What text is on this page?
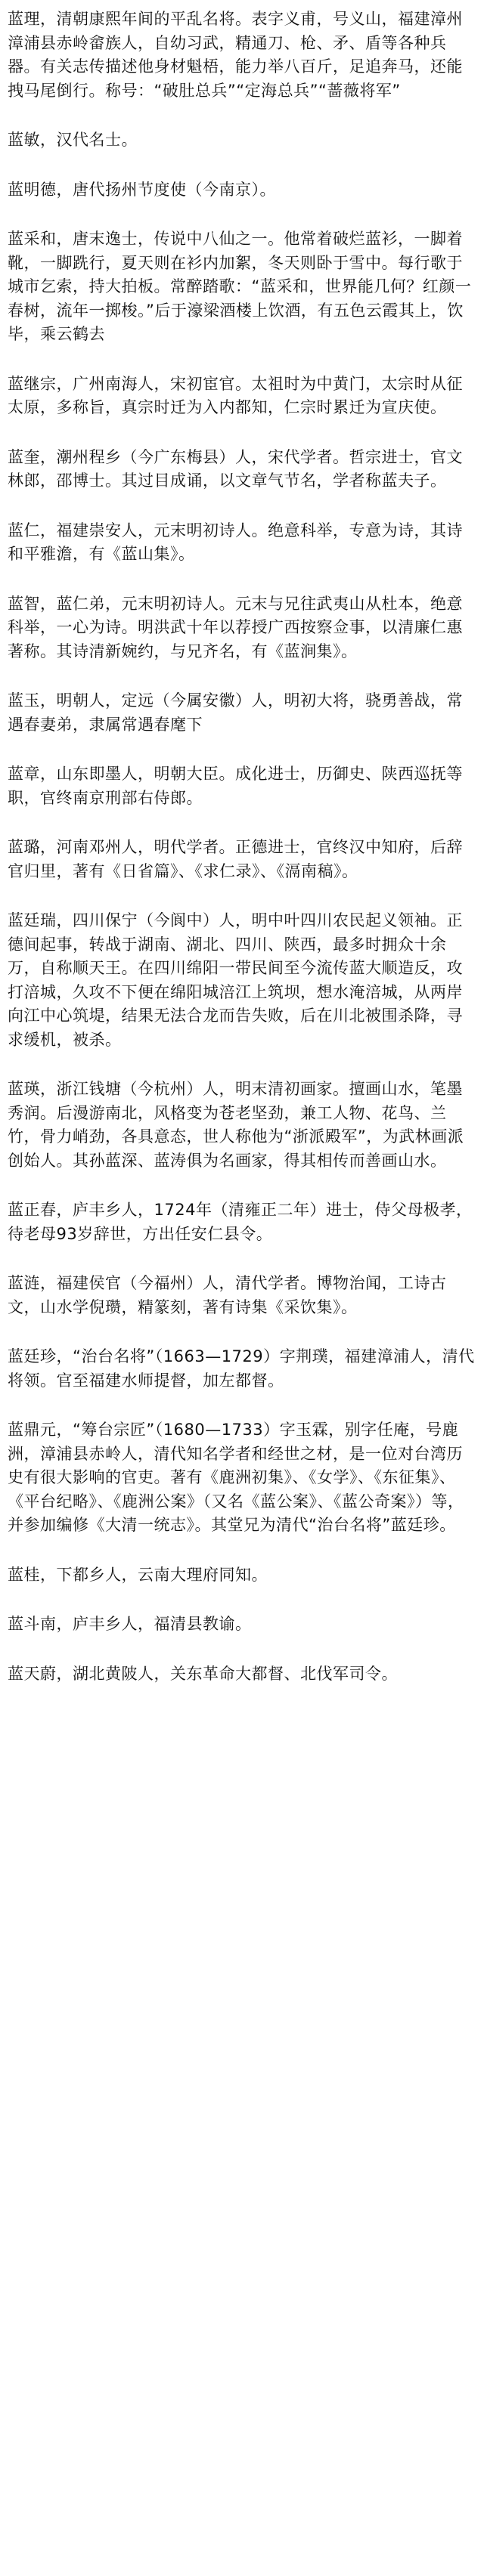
蓝理，清朝康熙年间的平乱名将。表字义甫，号义山，福建漳州漳浦县赤岭畲族人，自幼习武，精通刀、枪、矛、盾等各种兵器。有关志传描述他身材魁梧，能力举八百斤，足追奔马，还能拽马尾倒行。称号：“破肚总兵”“定海总兵”“蔷薇将军”

蓝敏，汉代名士。

蓝明德，唐代扬州节度使（今南京）。

蓝采和，唐末逸士，传说中八仙之一。他常着破烂蓝衫，一脚着靴，一脚跣行，夏天则在衫内加絮，冬天则卧于雪中。每行歌于城市乞索，持大拍板。常醉踏歌：“蓝采和，世界能几何？红颜一春树，流年一掷梭。”后于濠梁酒楼上饮酒，有五色云霞其上，饮毕，乘云鹤去

蓝继宗，广州南海人，宋初宦官。太祖时为中黄门，太宗时从征太原，多称旨，真宗时迁为入内都知，仁宗时累迁为宣庆使。

蓝奎，潮州程乡（今广东梅县）人，宋代学者。哲宗进士，官文林郎，邵博士。其过目成诵，以文章气节名，学者称蓝夫子。

蓝仁，福建崇安人，元末明初诗人。绝意科举，专意为诗，其诗和平雅澹，有《蓝山集》。

蓝智，蓝仁弟，元末明初诗人。元末与兄往武夷山从杜本，绝意科举，一心为诗。明洪武十年以荐授广西按察佥事，以清廉仁惠著称。其诗清新婉约，与兄齐名，有《蓝涧集》。

蓝玉，明朝人，定远（今属安徽）人，明初大将，骁勇善战，常遇春妻弟，隶属常遇春麾下

蓝章，山东即墨人，明朝大臣。成化进士，历御史、陕西巡抚等职，官终南京刑部右侍郎。

蓝璐，河南邓州人，明代学者。正德进士，官终汉中知府，后辞官归里，著有《日省篇》、《求仁录》、《滆南稿》。

蓝廷瑞，四川保宁（今阆中）人，明中叶四川农民起义领袖。正德间起事，转战于湖南、湖北、四川、陕西，最多时拥众十余万，自称顺天王。在四川绵阳一带民间至今流传蓝大顺造反，攻打涪城，久攻不下便在绵阳城涪江上筑坝，想水淹涪城，从两岸向江中心筑堤，结果无法合龙而告失败，后在川北被围杀降，寻求缓机，被杀。

蓝瑛，浙江钱塘（今杭州）人，明末清初画家。擅画山水，笔墨秀润。后漫游南北，风格变为苍老坚劲，兼工人物、花鸟、兰竹，骨力峭劲，各具意态，世人称他为“浙派殿军”，为武林画派创始人。其孙蓝深、蓝涛俱为名画家，得其相传而善画山水。

蓝正春，庐丰乡人，1724年（清雍正二年）进士，侍父母极孝，待老母93岁辞世，方出任安仁县令。

蓝涟，福建侯官（今福州）人，清代学者。博物治闻，工诗古文，山水学倪瓒，精篆刻，著有诗集《采饮集》。

蓝廷珍，“治台名将”（1663—1729）字荆璞，福建漳浦人，清代将领。官至福建水师提督，加左都督。

蓝鼎元，“筹台宗匠”（1680—1733）字玉霖，别字任庵，号鹿洲，漳浦县赤岭人，清代知名学者和经世之材，是一位对台湾历史有很大影响的官吏。著有《鹿洲初集》、《女学》、《东征集》、《平台纪略》、《鹿洲公案》（又名《蓝公案》、《蓝公奇案》）等，并参加编修《大清一统志》。其堂兄为清代“治台名将”蓝廷珍。

蓝桂，下都乡人，云南大理府同知。

蓝斗南，庐丰乡人，福清县教谕。

蓝天蔚，湖北黄陂人，关东革命大都督、北伐军司令。
